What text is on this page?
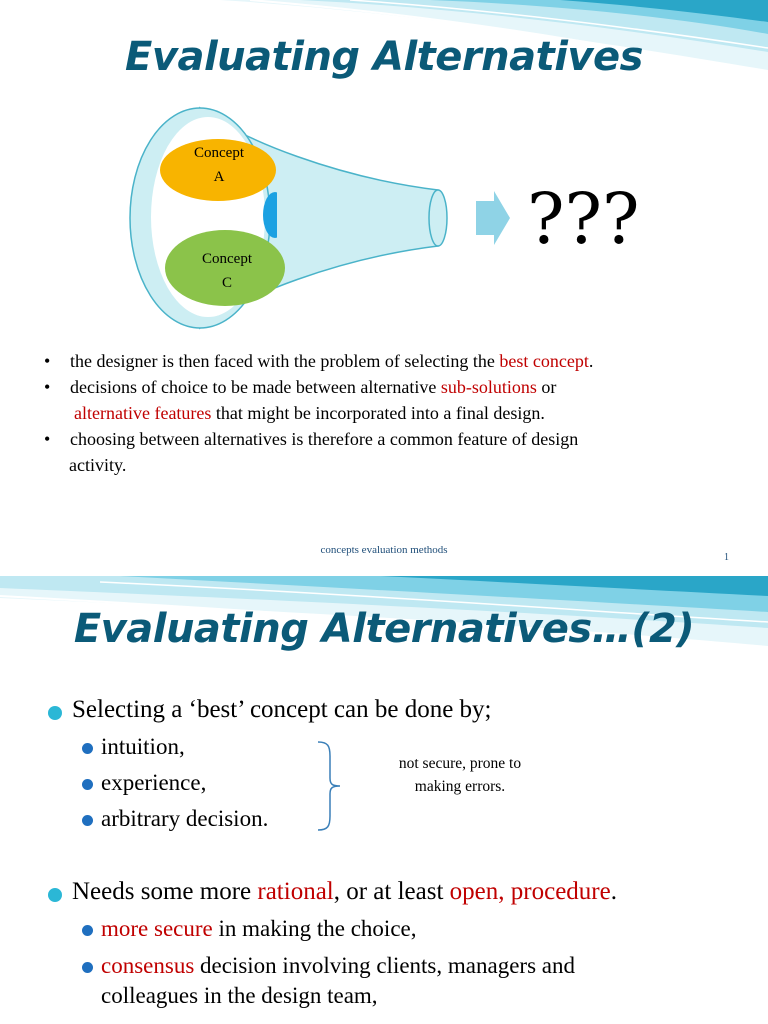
Evaluating Alternatives
Concept
A
Concept
C
???
• the designer is then faced with the problem of selecting the best concept.
• decisions of choice to be made between alternative sub-solutions or
alternative features that might be incorporated into a final design.
• choosing between alternatives is therefore a common feature of design
activity.
concepts evaluation methods
1
Evaluating Alternatives…(2)
Selecting a ‘best’ concept can be done by;
intuition,
experience,
arbitrary decision.
not secure, prone to
making errors.
Needs some more rational, or at least open, procedure.
more secure in making the choice,
consensus decision involving clients, managers and
colleagues in the design team,
